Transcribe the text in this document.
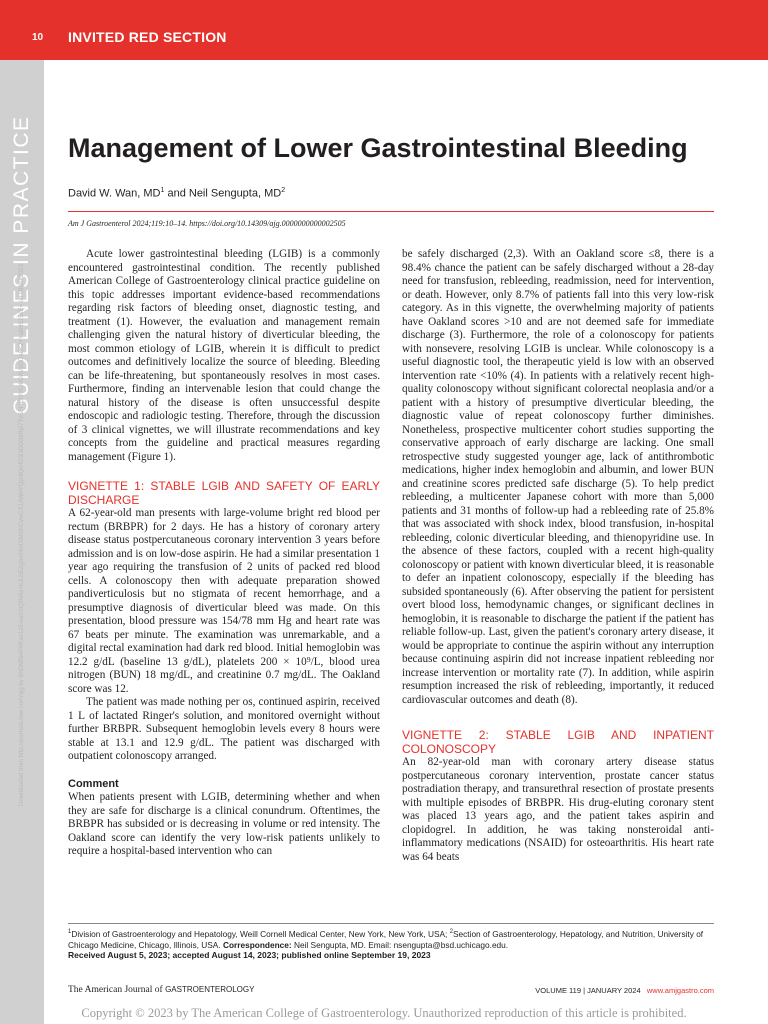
10 INVITED RED SECTION
GUIDELINES IN PRACTICE
Downloaded from http://journals.lww.com/ajg by BhDMf5ePHKav1zEoum1tQfN4a+kJLhEZgbsIHo4XMi0hCywCX1AWnYQp/IlQrHD3i3D0OdRyi7TvSFl4Cf3VC4/OAVpDDa8K2+Ya6H515kE= on 09/20/2023
Management of Lower Gastrointestinal Bleeding
David W. Wan, $MD^1$ and Neil Sengupta, $MD^2$
Am J Gastroenterol 2024;119:10–14. https://doi.org/10.14309/ajg.0000000000002505

Acute lower gastrointestinal bleeding (LGIB) is a commonly encountered gastrointestinal condition. The recently published American College of Gastroenterology clinical practice guideline on this topic addresses important evidence-based recommendations regarding risk factors of bleeding onset, diagnostic testing, and treatment (1). However, the evaluation and management remain challenging given the natural history of diverticular bleeding, the most common etiology of LGIB, wherein it is difficult to predict outcomes and definitively localize the source of bleeding. Bleeding can be life-threatening, but spontaneously resolves in most cases. Furthermore, finding an intervenable lesion that could change the natural history of the disease is often unsuccessful despite endoscopic and radiologic testing. Therefore, through the discussion of 3 clinical vignettes, we will illustrate recommendations and key concepts from the guideline and practical measures regarding management (Figure 1).

VIGNETTE 1: STABLE LGIB AND SAFETY OF EARLY DISCHARGE

A 62-year-old man presents with large-volume bright red blood per rectum (BRBPR) for 2 days. He has a history of coronary artery disease status postpercutaneous coronary intervention 3 years before admission and is on low-dose aspirin. He had a similar presentation 1 year ago requiring the transfusion of 2 units of packed red blood cells. A colonoscopy then with adequate preparation showed pandiverticulosis but no stigmata of recent hemorrhage, and a presumptive diagnosis of diverticular bleed was made. On this presentation, blood pressure was 154/78 mm Hg and heart rate was 67 beats per minute. The examination was unremarkable, and a digital rectal examination had dark red blood. Initial hemoglobin was 12.2 g/dL (baseline 13 g/dL), platelets 200 × 10⁹/L, blood urea nitrogen (BUN) 18 mg/dL, and creatinine 0.7 mg/dL. The Oakland score was 12.

The patient was made nothing per os, continued aspirin, received 1 L of lactated Ringer's solution, and monitored overnight without further BRBPR. Subsequent hemoglobin levels every 8 hours were stable at 13.1 and 12.9 g/dL. The patient was discharged with outpatient colonoscopy arranged.

Comment

When patients present with LGIB, determining whether and when they are safe for discharge is a clinical conundrum. Oftentimes, the BRBPR has subsided or is decreasing in volume or red intensity. The Oakland score can identify the very low-risk patients unlikely to require a hospital-based intervention who can

be safely discharged (2,3). With an Oakland score ≤8, there is a 98.4% chance the patient can be safely discharged without a 28-day need for transfusion, rebleeding, readmission, need for intervention, or death. However, only 8.7% of patients fall into this very low-risk category. As in this vignette, the overwhelming majority of patients have Oakland scores >10 and are not deemed safe for immediate discharge (3). Furthermore, the role of a colonoscopy for patients with nonsevere, resolving LGIB is unclear. While colonoscopy is a useful diagnostic tool, the therapeutic yield is low with an observed intervention rate <10% (4). In patients with a relatively recent high-quality colonoscopy without significant colorectal neoplasia and/or a patient with a history of presumptive diverticular bleeding, the diagnostic value of repeat colonoscopy further diminishes. Nonetheless, prospective multicenter cohort studies supporting the conservative approach of early discharge are lacking. One small retrospective study suggested younger age, lack of antithrombotic medications, higher index hemoglobin and albumin, and lower BUN and creatinine scores predicted safe discharge (5). To help predict rebleeding, a multicenter Japanese cohort with more than 5,000 patients and 31 months of follow-up had a rebleeding rate of 25.8% that was associated with shock index, blood transfusion, in-hospital rebleeding, colonic diverticular bleeding, and thienopyridine use. In the absence of these factors, coupled with a recent high-quality colonoscopy or patient with known diverticular bleed, it is reasonable to defer an inpatient colonoscopy, especially if the bleeding has subsided spontaneously (6). After observing the patient for persistent overt blood loss, hemodynamic changes, or significant declines in hemoglobin, it is reasonable to discharge the patient if the patient has reliable follow-up. Last, given the patient's coronary artery disease, it would be appropriate to continue the aspirin without any interruption because continuing aspirin did not increase inpatient rebleeding nor increase intervention or mortality rate (7). In addition, while aspirin resumption increased the risk of rebleeding, importantly, it reduced cardiovascular outcomes and death (8).

VIGNETTE 2: STABLE LGIB AND INPATIENT COLONOSCOPY

An 82-year-old man with coronary artery disease status postpercutaneous coronary intervention, prostate cancer status postradiation therapy, and transurethral resection of prostate presents with multiple episodes of BRBPR. His drug-eluting coronary stent was placed 13 years ago, and the patient takes aspirin and clopidogrel. In addition, he was taking nonsteroidal anti-inflammatory medications (NSAID) for osteoarthritis. His heart rate was 64 beats

$^1$Division of Gastroenterology and Hepatology, Weill Cornell Medical Center, New York, New York, USA; $^2$Section of Gastroenterology, Hepatology, and Nutrition, University of Chicago Medicine, Chicago, Illinois, USA. Correspondence: Neil Sengupta, MD. Email: nsengupta@bsd.uchicago.edu.
Received August 5, 2023; accepted August 14, 2023; published online September 19, 2023
The American Journal of GASTROENTEROLOGY	VOLUME 119 | JANUARY 2024 www.amjgastro.com
Copyright © 2023 by The American College of Gastroenterology. Unauthorized reproduction of this article is prohibited.
